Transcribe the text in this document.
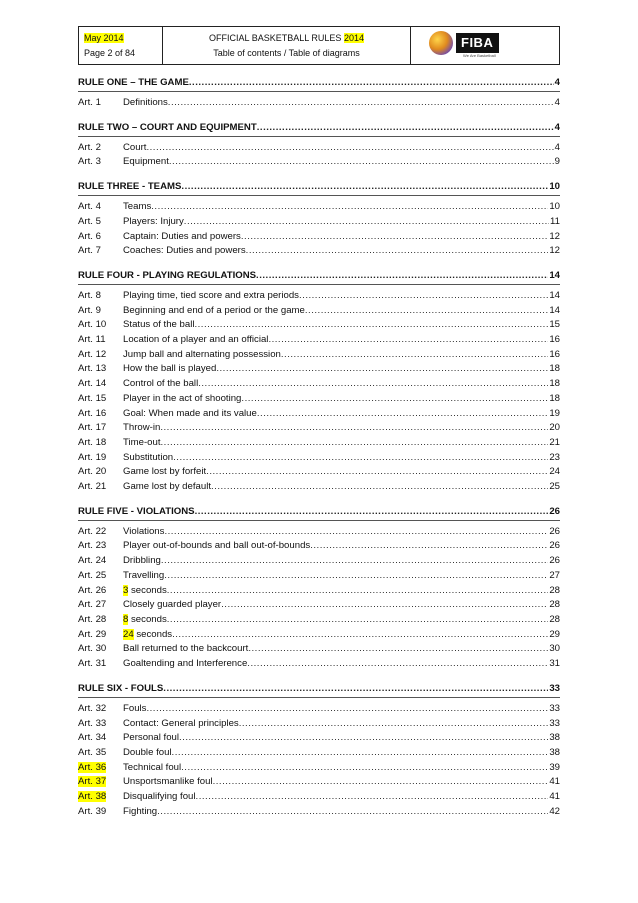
May 2014
Page 2 of 84
OFFICIAL BASKETBALL RULES 2014
Table of contents / Table of diagrams
FIBA
We Are Basketball
RULE ONE – THE GAME .....	4
Art. 1	Definitions .....	4
RULE TWO – COURT AND EQUIPMENT .....	4
Art. 2	Court .....	4
Art. 3	Equipment .....	9
RULE THREE - TEAMS .....	10
Art. 4	Teams .....	10
Art. 5	Players: Injury .....	11
Art. 6	Captain: Duties and powers .....	12
Art. 7	Coaches: Duties and powers .....	12
RULE FOUR - PLAYING REGULATIONS .....	14
Art. 8	Playing time, tied score and extra periods .....	14
Art. 9	Beginning and end of a period or the game .....	14
Art. 10	Status of the ball .....	15
Art. 11	Location of a player and an official .....	16
Art. 12	Jump ball and alternating possession .....	16
Art. 13	How the ball is played .....	18
Art. 14	Control of the ball .....	18
Art. 15	Player in the act of shooting .....	18
Art. 16	Goal: When made and its value .....	19
Art. 17	Throw-in .....	20
Art. 18	Time-out .....	21
Art. 19	Substitution .....	23
Art. 20	Game lost by forfeit .....	24
Art. 21	Game lost by default .....	25
RULE FIVE - VIOLATIONS .....	26
Art. 22	Violations .....	26
Art. 23	Player out-of-bounds and ball out-of-bounds .....	26
Art. 24	Dribbling .....	26
Art. 25	Travelling .....	27
Art. 26	3 seconds .....	28
Art. 27	Closely guarded player .....	28
Art. 28	8 seconds .....	28
Art. 29	24 seconds .....	29
Art. 30	Ball returned to the backcourt .....	30
Art. 31	Goaltending and Interference .....	31
RULE SIX - FOULS .....	33
Art. 32	Fouls .....	33
Art. 33	Contact: General principles .....	33
Art. 34	Personal foul .....	38
Art. 35	Double foul .....	38
Art. 36	Technical foul .....	39
Art. 37	Unsportsmanlike foul .....	41
Art. 38	Disqualifying foul .....	41
Art. 39	Fighting .....	42
